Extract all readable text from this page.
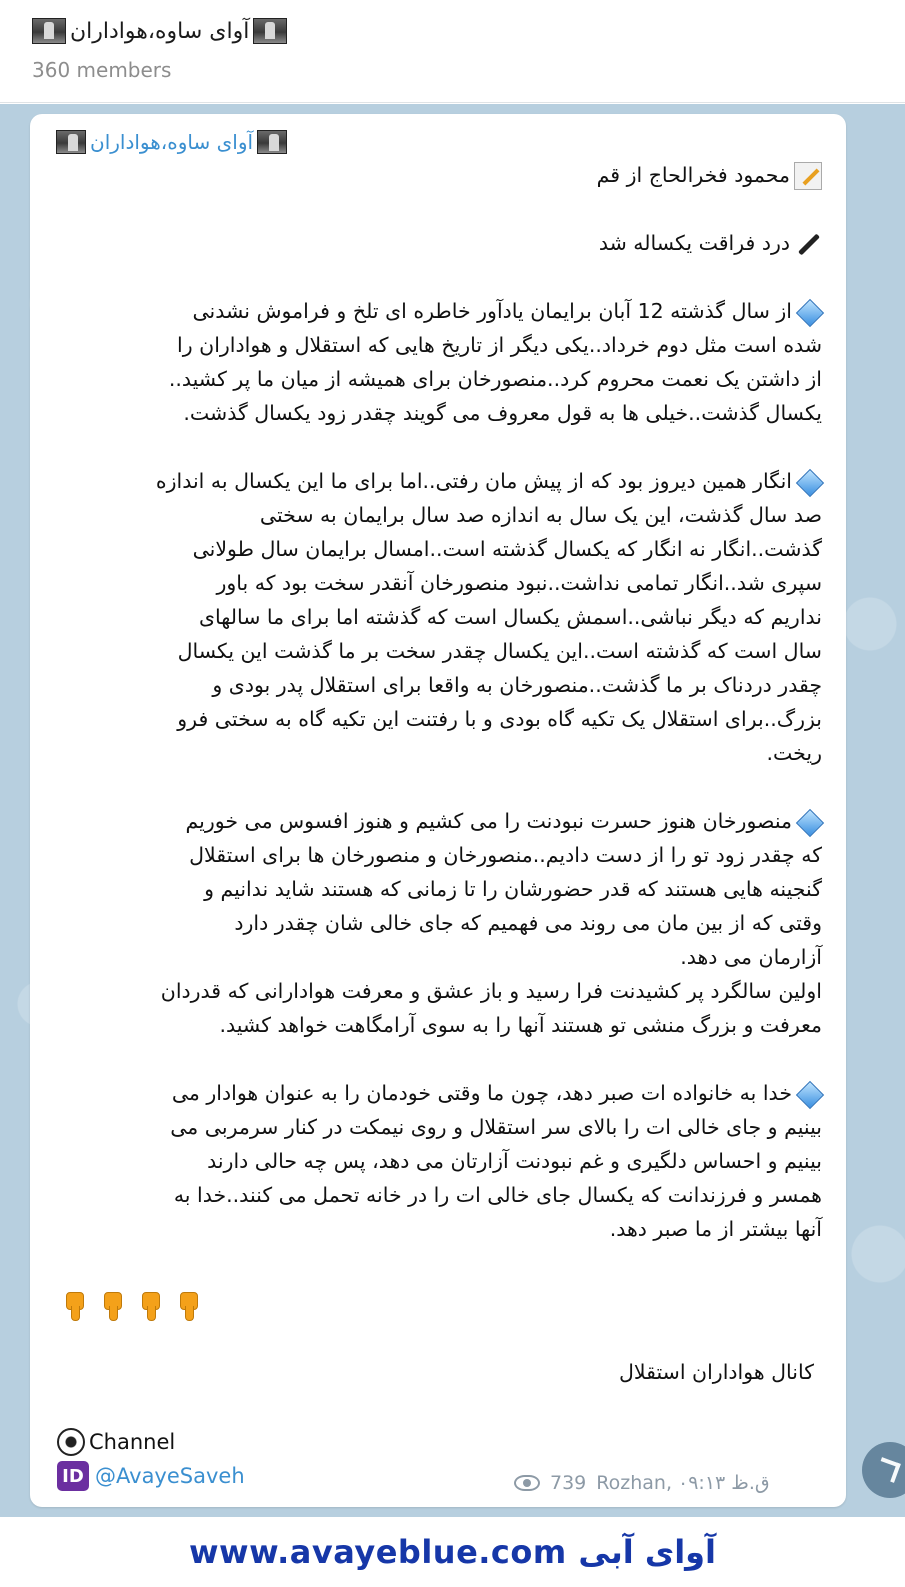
آوای ساوه،هواداران
360 members
آوای ساوه،هواداران
محمود فخرالحاج از قم
درد فراقت یکساله شد
از سال گذشته 12 آبان برایمان یادآور خاطره ای تلخ و فراموش نشدنی
شده است مثل دوم خرداد..یکی دیگر از تاریخ هایی که استقلال و هواداران را
از داشتن یک نعمت محروم کرد..منصورخان برای همیشه از میان ما پر کشید..
یکسال گذشت..خیلی ها به قول معروف می گویند چقدر زود یکسال گذشت.
انگار همین دیروز بود که از پیش مان رفتی..اما برای ما این یکسال به اندازه
صد سال گذشت، این یک سال به اندازه صد سال برایمان به سختی
گذشت..انگار نه انگار که یکسال گذشته است..امسال برایمان سال طولانی
سپری شد..انگار تمامی نداشت..نبود منصورخان آنقدر سخت بود که باور
نداریم که دیگر نباشی..اسمش یکسال است که گذشته اما برای ما سالهای
سال است که گذشته است..این یکسال چقدر سخت بر ما گذشت این یکسال
چقدر دردناک بر ما گذشت..منصورخان به واقعا برای استقلال پدر بودی و
بزرگ..برای استقلال یک تکیه گاه بودی و با رفتنت این تکیه گاه به سختی فرو
ریخت.
منصورخان هنوز حسرت نبودنت را می کشیم و هنوز افسوس می خوریم
که چقدر زود تو را از دست دادیم..منصورخان و منصورخان ها برای استقلال
گنجینه هایی هستند که قدر حضورشان را تا زمانی که هستند شاید ندانیم و
وقتی که از بین مان می روند می فهمیم که جای خالی شان چقدر دارد
آزارمان می دهد.
اولین سالگرد پر کشیدنت فرا رسید و باز عشق و معرفت هوادارانی که قدردان
معرفت و بزرگ منشی تو هستند آنها را به سوی آرامگاهت خواهد کشید.
خدا به خانواده ات صبر دهد، چون ما وقتی خودمان را به عنوان هوادار می
بینیم و جای خالی ات را بالای سر استقلال و روی نیمکت در کنار سرمربی می
بینیم و احساس دلگیری و غم نبودنت آزارتان می دهد، پس چه حالی دارند
همسر و فرزندانت که یکسال جای خالی ات را در خانه تحمل می کنند..خدا به
آنها بیشتر از ما صبر دهد.
کانال هواداران استقلال
Channel
ID @AvayeSaveh	739 Rozhan, ۰۹:۱۳ ق.ظ
www.avayeblue.com آوای آبی
